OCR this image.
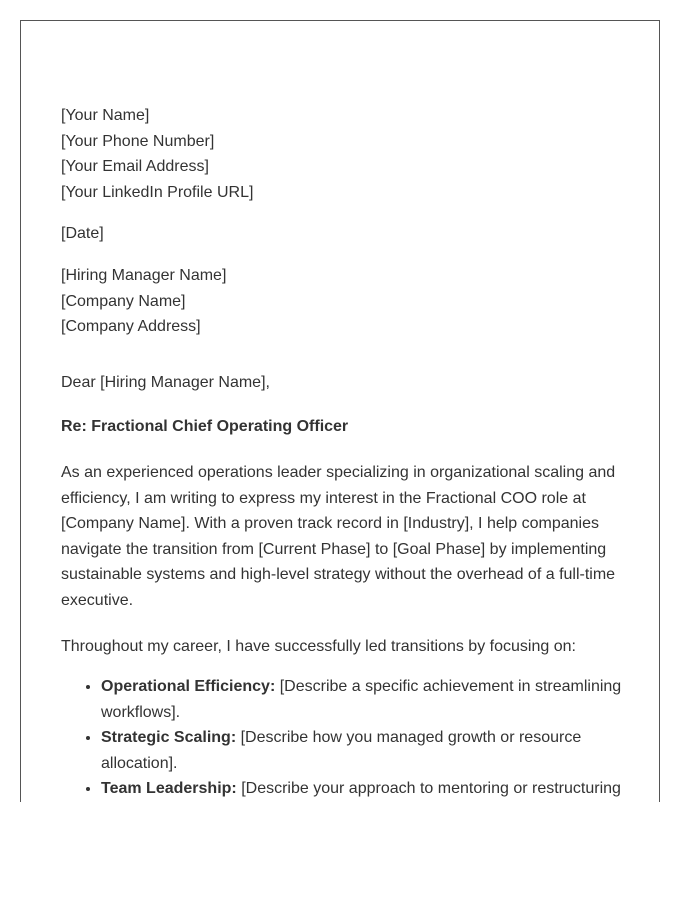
[Your Name]

[Your Phone Number]

[Your Email Address]

[Your LinkedIn Profile URL]

[Date]

[Hiring Manager Name]

[Company Name]

[Company Address]

Dear [Hiring Manager Name],

Re: Fractional Chief Operating Officer

As an experienced operations leader specializing in organizational scaling and efficiency, I am writing to express my interest in the Fractional COO role at [Company Name]. With a proven track record in [Industry], I help companies navigate the transition from [Current Phase] to [Goal Phase] by implementing sustainable systems and high-level strategy without the overhead of a full-time executive.

Throughout my career, I have successfully led transitions by focusing on:

• Operational Efficiency: [Describe a specific achievement in streamlining workflows].
• Strategic Scaling: [Describe how you managed growth or resource allocation].
• Team Leadership: [Describe your approach to mentoring or restructuring
